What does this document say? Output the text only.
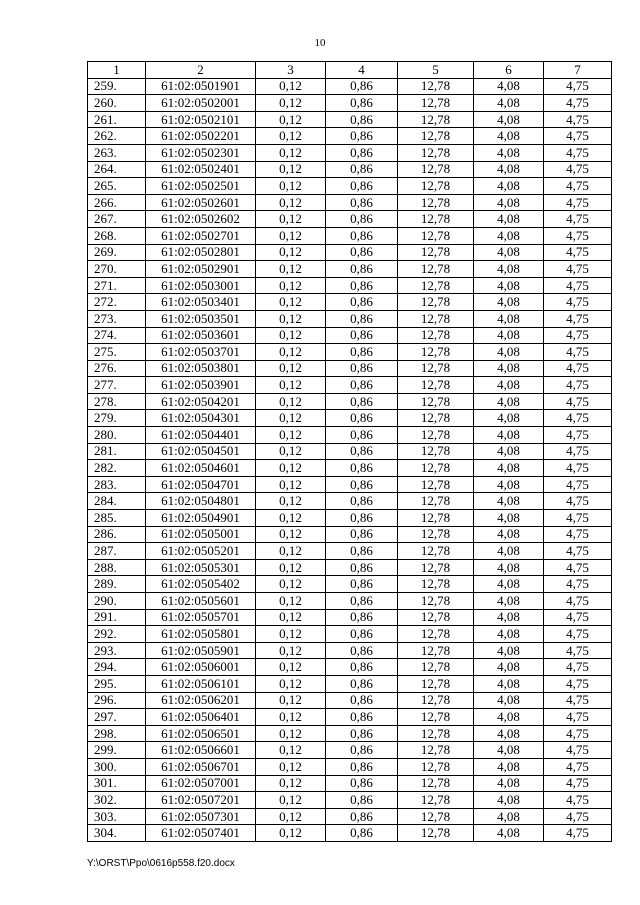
10
1	2	3	4	5	6	7
259.	61:02:0501901	0,12	0,86	12,78	4,08	4,75
260.	61:02:0502001	0,12	0,86	12,78	4,08	4,75
261.	61:02:0502101	0,12	0,86	12,78	4,08	4,75
262.	61:02:0502201	0,12	0,86	12,78	4,08	4,75
263.	61:02:0502301	0,12	0,86	12,78	4,08	4,75
264.	61:02:0502401	0,12	0,86	12,78	4,08	4,75
265.	61:02:0502501	0,12	0,86	12,78	4,08	4,75
266.	61:02:0502601	0,12	0,86	12,78	4,08	4,75
267.	61:02:0502602	0,12	0,86	12,78	4,08	4,75
268.	61:02:0502701	0,12	0,86	12,78	4,08	4,75
269.	61:02:0502801	0,12	0,86	12,78	4,08	4,75
270.	61:02:0502901	0,12	0,86	12,78	4,08	4,75
271.	61:02:0503001	0,12	0,86	12,78	4,08	4,75
272.	61:02:0503401	0,12	0,86	12,78	4,08	4,75
273.	61:02:0503501	0,12	0,86	12,78	4,08	4,75
274.	61:02:0503601	0,12	0,86	12,78	4,08	4,75
275.	61:02:0503701	0,12	0,86	12,78	4,08	4,75
276.	61:02:0503801	0,12	0,86	12,78	4,08	4,75
277.	61:02:0503901	0,12	0,86	12,78	4,08	4,75
278.	61:02:0504201	0,12	0,86	12,78	4,08	4,75
279.	61:02:0504301	0,12	0,86	12,78	4,08	4,75
280.	61:02:0504401	0,12	0,86	12,78	4,08	4,75
281.	61:02:0504501	0,12	0,86	12,78	4,08	4,75
282.	61:02:0504601	0,12	0,86	12,78	4,08	4,75
283.	61:02:0504701	0,12	0,86	12,78	4,08	4,75
284.	61:02:0504801	0,12	0,86	12,78	4,08	4,75
285.	61:02:0504901	0,12	0,86	12,78	4,08	4,75
286.	61:02:0505001	0,12	0,86	12,78	4,08	4,75
287.	61:02:0505201	0,12	0,86	12,78	4,08	4,75
288.	61:02:0505301	0,12	0,86	12,78	4,08	4,75
289.	61:02:0505402	0,12	0,86	12,78	4,08	4,75
290.	61:02:0505601	0,12	0,86	12,78	4,08	4,75
291.	61:02:0505701	0,12	0,86	12,78	4,08	4,75
292.	61:02:0505801	0,12	0,86	12,78	4,08	4,75
293.	61:02:0505901	0,12	0,86	12,78	4,08	4,75
294.	61:02:0506001	0,12	0,86	12,78	4,08	4,75
295.	61:02:0506101	0,12	0,86	12,78	4,08	4,75
296.	61:02:0506201	0,12	0,86	12,78	4,08	4,75
297.	61:02:0506401	0,12	0,86	12,78	4,08	4,75
298.	61:02:0506501	0,12	0,86	12,78	4,08	4,75
299.	61:02:0506601	0,12	0,86	12,78	4,08	4,75
300.	61:02:0506701	0,12	0,86	12,78	4,08	4,75
301.	61:02:0507001	0,12	0,86	12,78	4,08	4,75
302.	61:02:0507201	0,12	0,86	12,78	4,08	4,75
303.	61:02:0507301	0,12	0,86	12,78	4,08	4,75
304.	61:02:0507401	0,12	0,86	12,78	4,08	4,75
Y:\ORST\Ppo\0616p558.f20.docx
